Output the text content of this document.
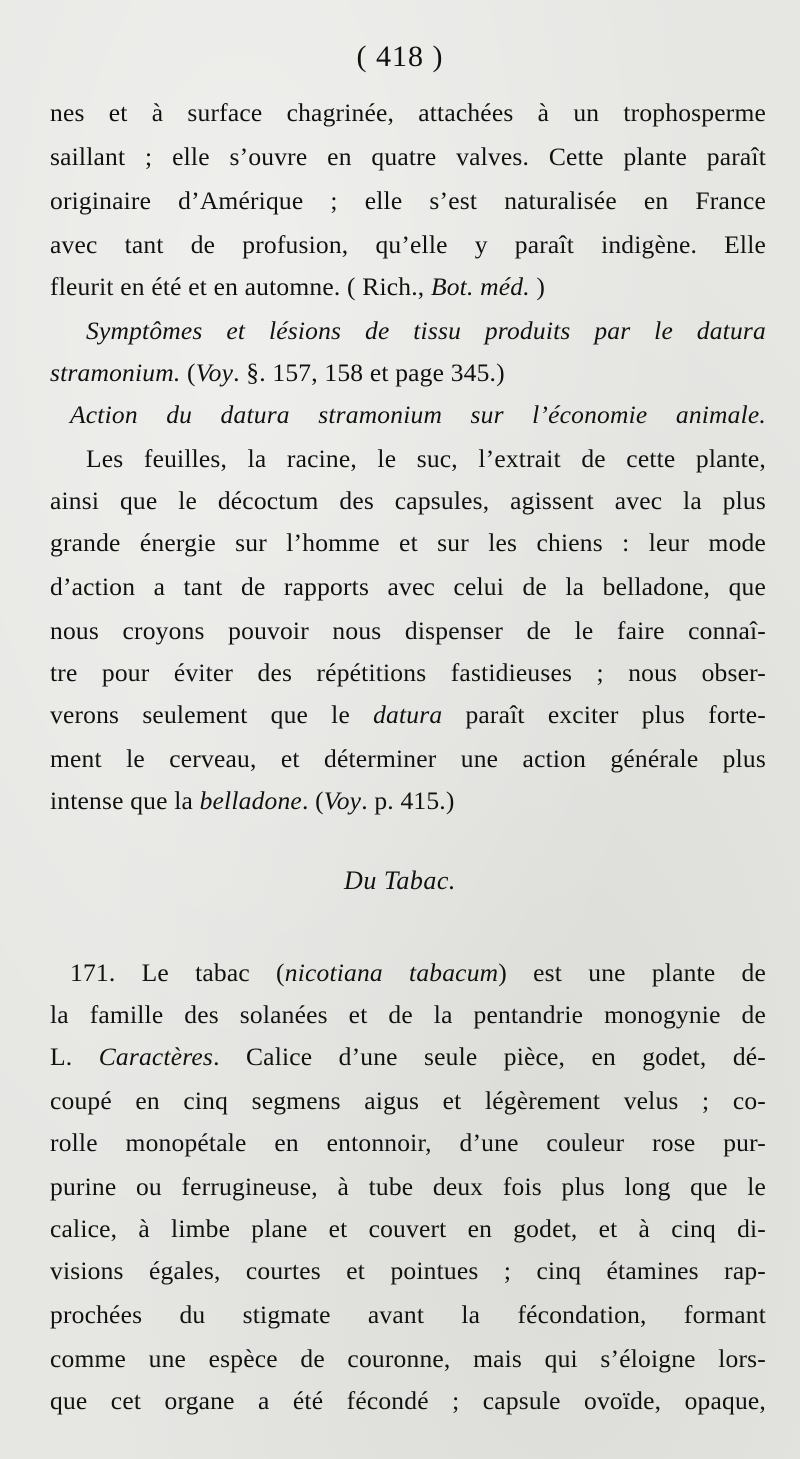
( 418 )
nes et à surface chagrinée, attachées à un trophosperme
saillant ; elle s’ouvre en quatre valves. Cette plante paraît
originaire d’Amérique ; elle s’est naturalisée en France
avec tant de profusion, qu’elle y paraît indigène. Elle
fleurit en été et en automne. ( Rich., Bot. méd. )
Symptômes et lésions de tissu produits par le datura
stramonium. (Voy. §. 157, 158 et page 345.)
Action du datura stramonium sur l’économie animale.
Les feuilles, la racine, le suc, l’extrait de cette plante,
ainsi que le décoctum des capsules, agissent avec la plus
grande énergie sur l’homme et sur les chiens : leur mode
d’action a tant de rapports avec celui de la belladone, que
nous croyons pouvoir nous dispenser de le faire connaî-
tre pour éviter des répétitions fastidieuses ; nous obser-
verons seulement que le datura paraît exciter plus forte-
ment le cerveau, et déterminer une action générale plus
intense que la belladone. (Voy. p. 415.)
Du Tabac.
171. Le tabac (nicotiana tabacum) est une plante de
la famille des solanées et de la pentandrie monogynie de
L. Caractères. Calice d’une seule pièce, en godet, dé-
coupé en cinq segmens aigus et légèrement velus ; co-
rolle monopétale en entonnoir, d’une couleur rose pur-
purine ou ferrugineuse, à tube deux fois plus long que le
calice, à limbe plane et couvert en godet, et à cinq di-
visions égales, courtes et pointues ; cinq étamines rap-
prochées du stigmate avant la fécondation, formant
comme une espèce de couronne, mais qui s’éloigne lors-
que cet organe a été fécondé ; capsule ovoïde, opaque,
